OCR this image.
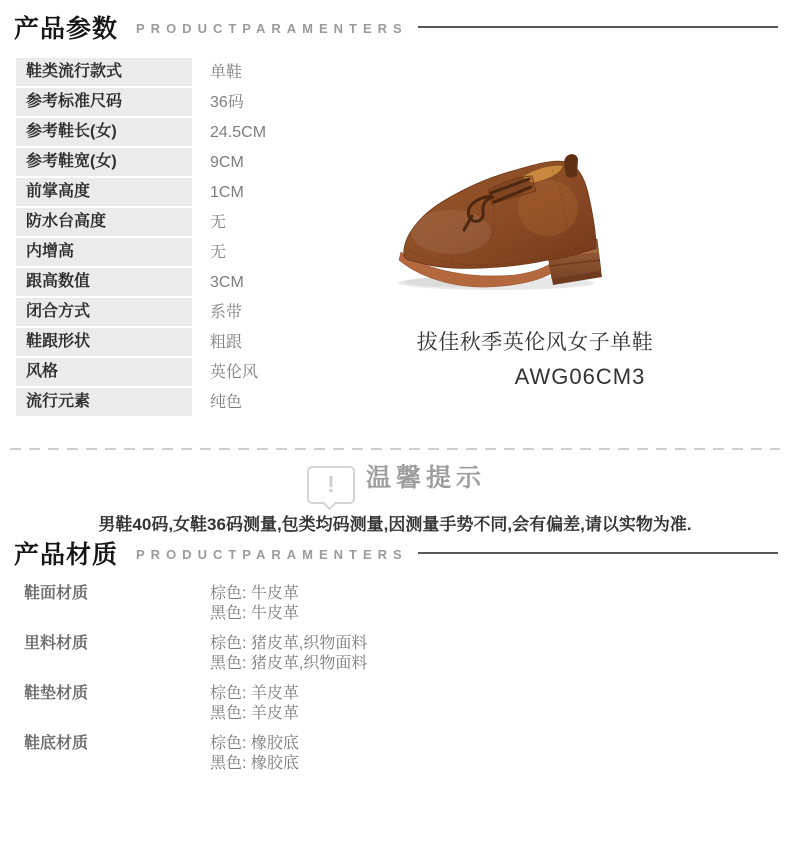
产品参数 PRODUCTPARAMENTERS
鞋类流行款式	单鞋
参考标准尺码	36码
参考鞋长(女)	24.5CM
参考鞋宽(女)	9CM
前掌高度	1CM
防水台高度	无
内增高	无
跟高数值	3CM
闭合方式	系带
鞋跟形状	粗跟
风格	英伦风
流行元素	纯色
拔佳秋季英伦风女子单鞋
AWG06CM3
!	温馨提示
男鞋40码,女鞋36码测量,包类均码测量,因测量手势不同,会有偏差,请以实物为准.
产品材质 PRODUCTPARAMENTERS
鞋面材质	棕色: 牛皮革
黑色: 牛皮革
里料材质	棕色: 猪皮革,织物面料
黑色: 猪皮革,织物面料
鞋垫材质	棕色: 羊皮革
黑色: 羊皮革
鞋底材质	棕色: 橡胶底
黑色: 橡胶底
